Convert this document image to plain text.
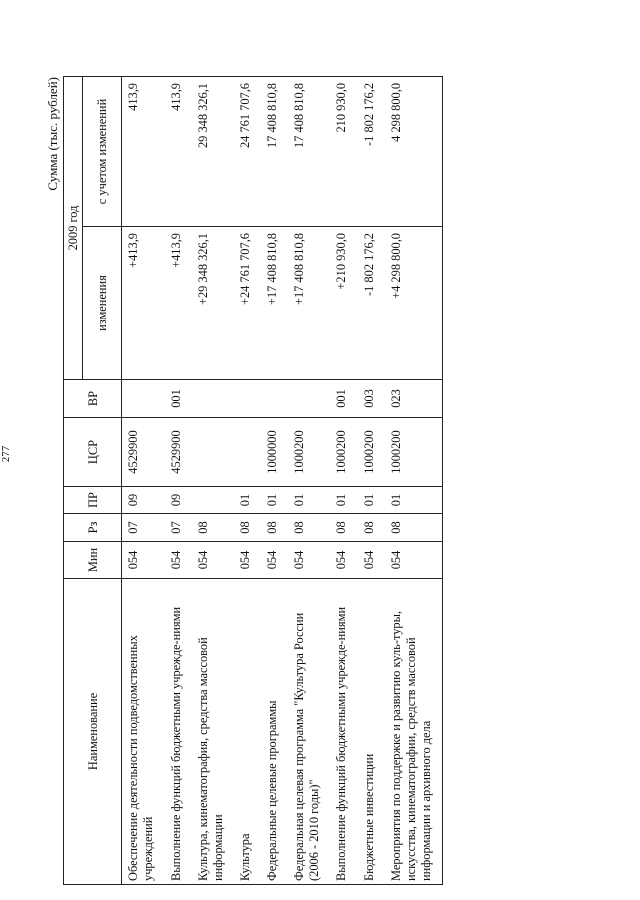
277
Сумма (тыс. рублей)
Наименование	Мин	Рз	ПР	ЦСР	ВР	2009 год	
						изменения	с учетом изменений
Обеспечение деятельности подведомственных учреждений	054	07	09	4529900		+413,9	413,9
Выполнение функций бюджетными учрежде-ниями	054	07	09	4529900	001	+413,9	413,9
Культура, кинематография, средства массовой информации	054	08				+29 348 326,1	29 348 326,1
Культура	054	08	01			+24 761 707,6	24 761 707,6
Федеральные целевые программы	054	08	01	1000000		+17 408 810,8	17 408 810,8
Федеральная целевая программа "Культура России (2006 - 2010 годы)"	054	08	01	1000200		+17 408 810,8	17 408 810,8
Выполнение функций бюджетными учрежде-ниями	054	08	01	1000200	001	+210 930,0	210 930,0
Бюджетные инвестиции	054	08	01	1000200	003	-1 802 176,2	-1 802 176,2
Мероприятия по поддержке и развитию куль-туры, искусства, кинематографии, средств массовой информации и архивного дела	054	08	01	1000200	023	+4 298 800,0	4 298 800,0
